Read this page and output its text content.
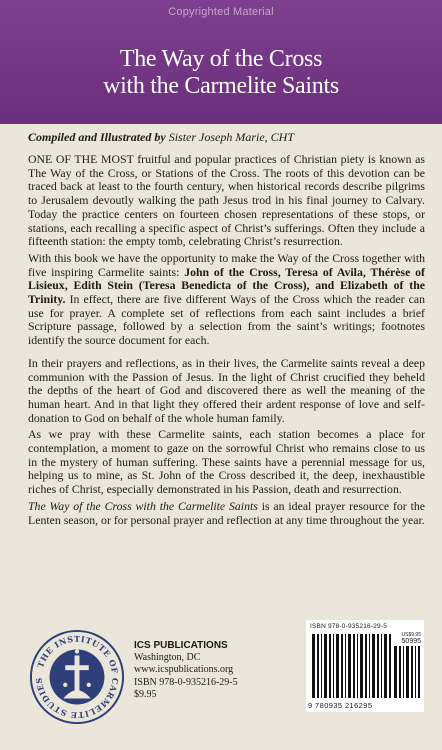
Copyrighted Material
The Way of the Cross
with the Carmelite Saints
Compiled and Illustrated by Sister Joseph Marie, CHT

ONE OF THE MOST fruitful and popular practices of Christian piety is known as The Way of the Cross, or Stations of the Cross. The roots of this devotion can be traced back at least to the fourth century, when historical records describe pilgrims to Jerusalem devoutly walking the path Jesus trod in his final journey to Calvary. Today the practice centers on fourteen chosen representations of these stops, or stations, each recalling a specific aspect of Christ’s sufferings. Often they include a fifteenth station: the empty tomb, celebrating Christ’s resurrection.

With this book we have the opportunity to make the Way of the Cross together with five inspiring Carmelite saints: John of the Cross, Teresa of Avila, Thérèse of Lisieux, Edith Stein (Teresa Benedicta of the Cross), and Elizabeth of the Trinity. In effect, there are five different Ways of the Cross which the reader can use for prayer. A complete set of reflections from each saint includes a brief Scripture passage, followed by a selection from the saint’s writings; footnotes identify the source document for each.

In their prayers and reflections, as in their lives, the Carmelite saints reveal a deep communion with the Passion of Jesus. In the light of Christ crucified they beheld the depths of the heart of God and discovered there as well the meaning of the human heart. And in that light they offered their ardent response of love and self-donation to God on behalf of the whole human family.

As we pray with these Carmelite saints, each station becomes a place for contemplation, a moment to gaze on the sorrowful Christ who remains close to us in the mystery of human suffering. These saints have a perennial message for us, helping us to mine, as St. John of the Cross described it, the deep, inexhaustible riches of Christ, especially demonstrated in his Passion, death and resurrection.

The Way of the Cross with the Carmelite Saints is an ideal prayer resource for the Lenten season, or for personal prayer and reflection at any time throughout the year.

THE INSTITUTE OF CARMELITE STUDIES
ICS PUBLICATIONS
Washington, DC
www.icspublications.org
ISBN 978-0-935216-29-5
$9.95
ISBN 978-0-935216-29-5
US$9.95
50995
9 780935 216295
